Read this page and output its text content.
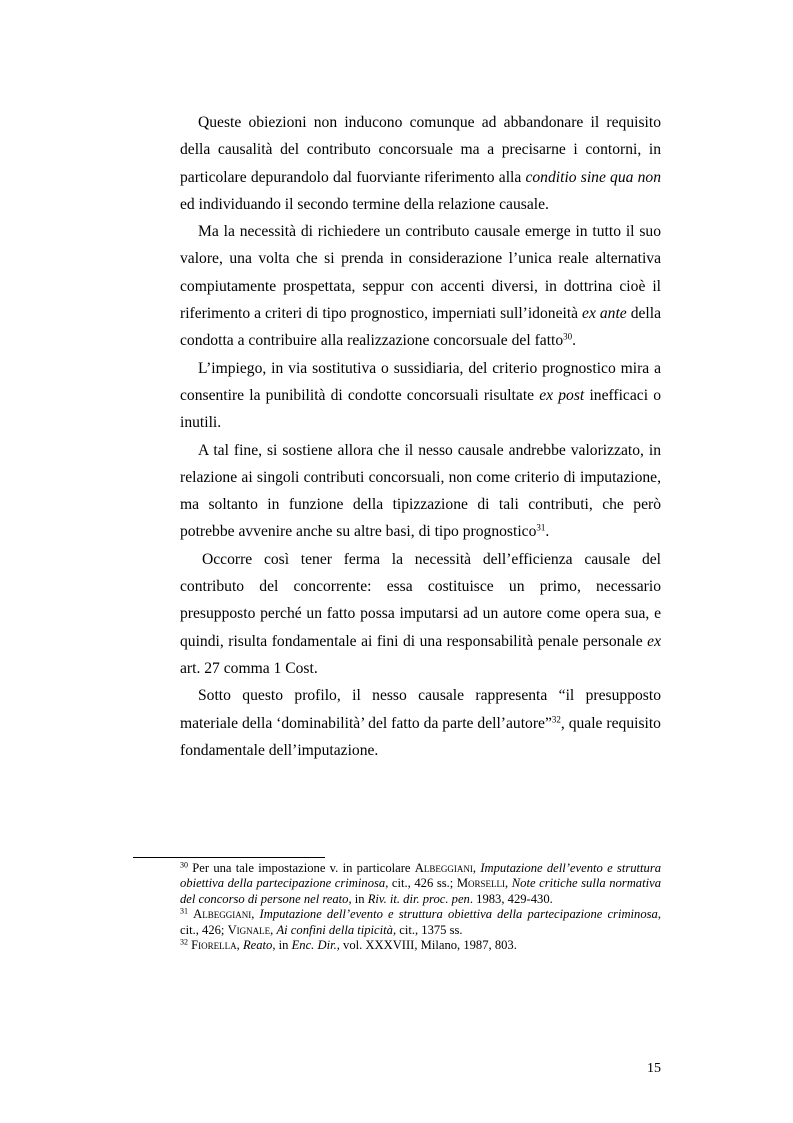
Queste obiezioni non inducono comunque ad abbandonare il requisito della causalità del contributo concorsuale ma a precisarne i contorni, in particolare depurandolo dal fuorviante riferimento alla conditio sine qua non ed individuando il secondo termine della relazione causale.

Ma la necessità di richiedere un contributo causale emerge in tutto il suo valore, una volta che si prenda in considerazione l’unica reale alternativa compiutamente prospettata, seppur con accenti diversi, in dottrina cioè il riferimento a criteri di tipo prognostico, imperniati sull’idoneità ex ante della condotta a contribuire alla realizzazione concorsuale del fatto$^{30}$.

L’impiego, in via sostitutiva o sussidiaria, del criterio prognostico mira a consentire la punibilità di condotte concorsuali risultate ex post inefficaci o inutili.

A tal fine, si sostiene allora che il nesso causale andrebbe valorizzato, in relazione ai singoli contributi concorsuali, non come criterio di imputazione, ma soltanto in funzione della tipizzazione di tali contributi, che però potrebbe avvenire anche su altre basi, di tipo prognostico$^{31}$.

Occorre così tener ferma la necessità dell’efficienza causale del contributo del concorrente: essa costituisce un primo, necessario presupposto perché un fatto possa imputarsi ad un autore come opera sua, e quindi, risulta fondamentale ai fini di una responsabilità penale personale ex art. 27 comma 1 Cost.

Sotto questo profilo, il nesso causale rappresenta “il presupposto materiale della ‘dominabilità’ del fatto da parte dell’autore”$^{32}$, quale requisito fondamentale dell’imputazione.

$^{30}$ Per una tale impostazione v. in particolare Albeggiani, Imputazione dell’evento e struttura obiettiva della partecipazione criminosa, cit., 426 ss.; Morselli, Note critiche sulla normativa del concorso di persone nel reato, in Riv. it. dir. proc. pen. 1983, 429-430.

$^{31}$ Albeggiani, Imputazione dell’evento e struttura obiettiva della partecipazione criminosa, cit., 426; Vignale, Ai confini della tipicità, cit., 1375 ss.

$^{32}$ Fiorella, Reato, in Enc. Dir., vol. XXXVIII, Milano, 1987, 803.

15
